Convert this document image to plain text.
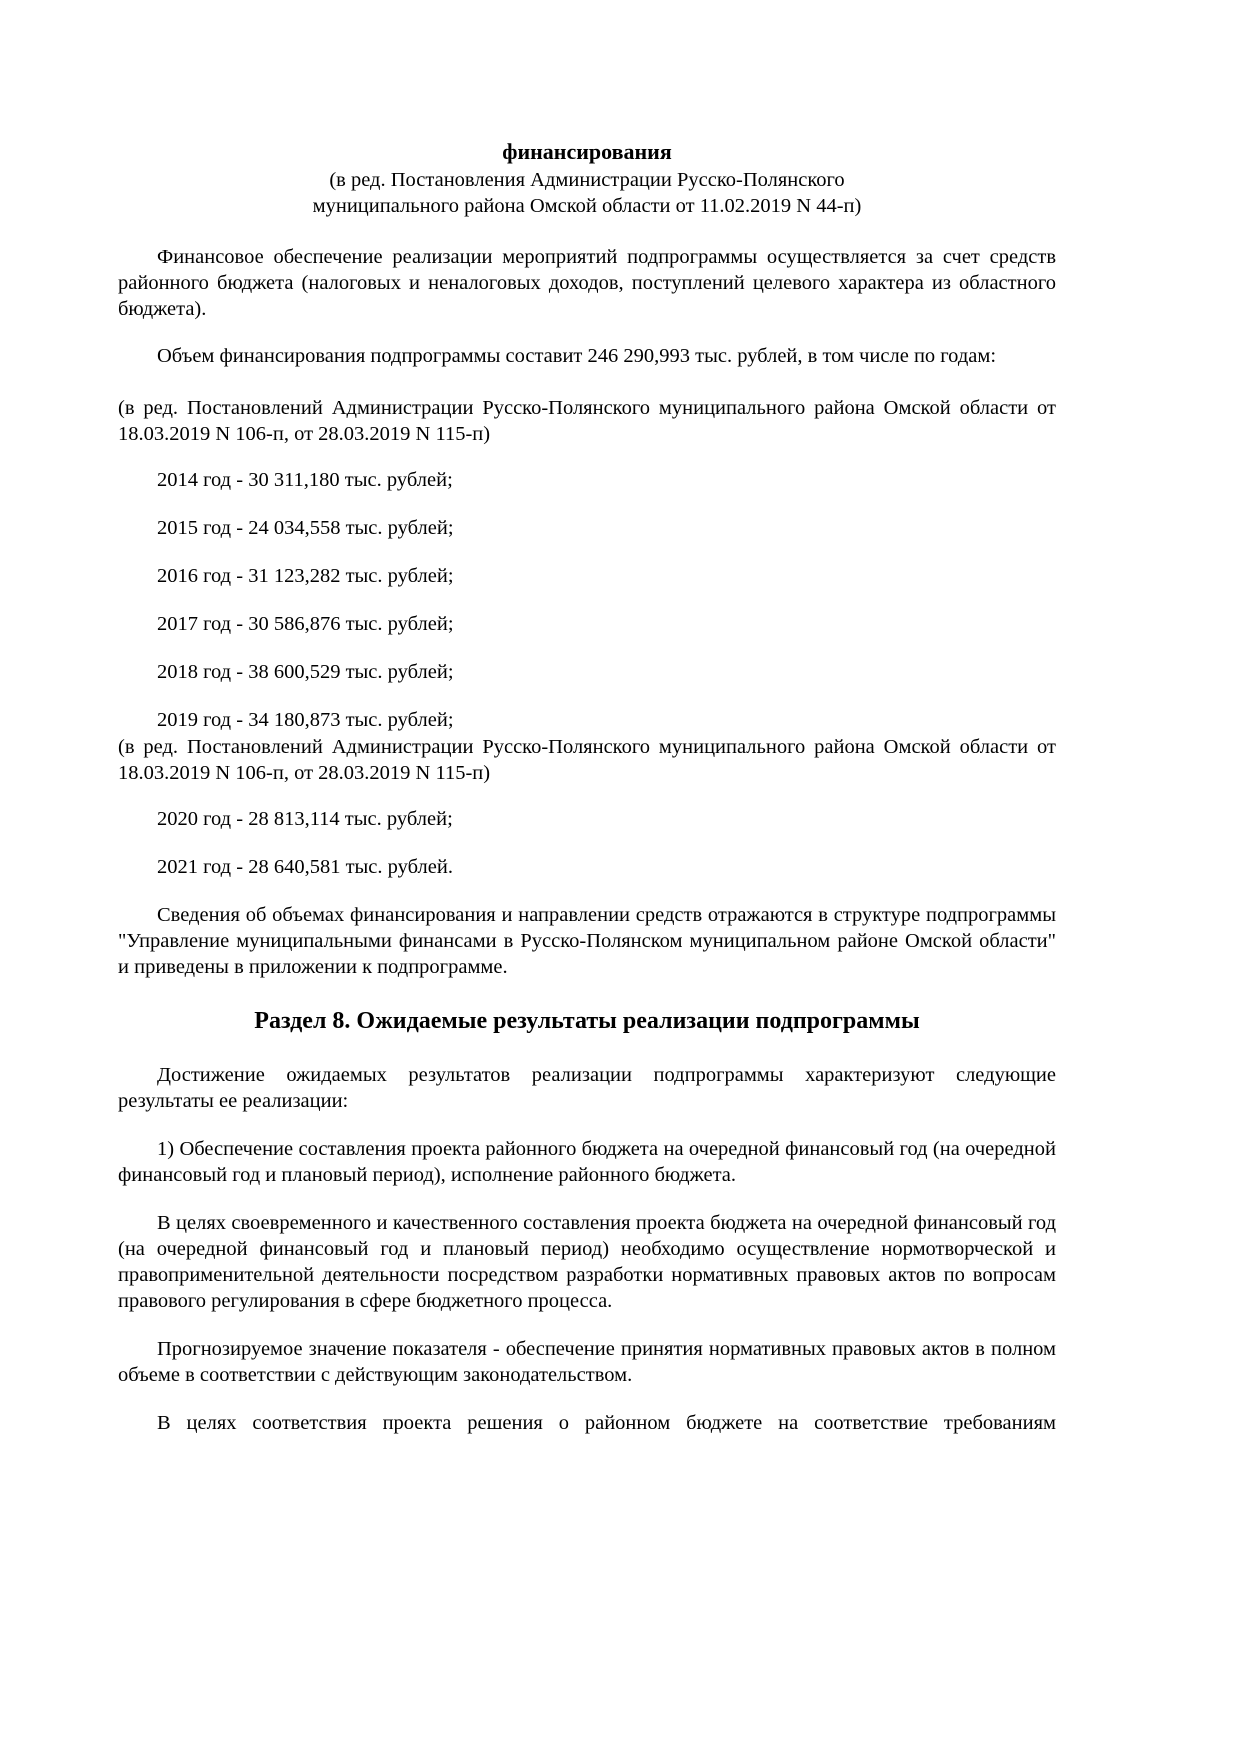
финансирования
(в ред. Постановления Администрации Русско-Полянского
муниципального района Омской области от 11.02.2019 N 44-п)
Финансовое обеспечение реализации мероприятий подпрограммы осуществляется за счет средств районного бюджета (налоговых и неналоговых доходов, поступлений целевого характера из областного бюджета).
Объем финансирования подпрограммы составит 246 290,993 тыс. рублей, в том числе по годам:
(в ред. Постановлений Администрации Русско-Полянского муниципального района Омской области от 18.03.2019 N 106-п, от 28.03.2019 N 115-п)
2014 год - 30 311,180 тыс. рублей;
2015 год - 24 034,558 тыс. рублей;
2016 год - 31 123,282 тыс. рублей;
2017 год - 30 586,876 тыс. рублей;
2018 год - 38 600,529 тыс. рублей;
2019 год - 34 180,873 тыс. рублей;
(в ред. Постановлений Администрации Русско-Полянского муниципального района Омской области от 18.03.2019 N 106-п, от 28.03.2019 N 115-п)
2020 год - 28 813,114 тыс. рублей;
2021 год - 28 640,581 тыс. рублей.
Сведения об объемах финансирования и направлении средств отражаются в структуре подпрограммы "Управление муниципальными финансами в Русско-Полянском муниципальном районе Омской области" и приведены в приложении к подпрограмме.
Раздел 8. Ожидаемые результаты реализации подпрограммы
Достижение ожидаемых результатов реализации подпрограммы характеризуют следующие результаты ее реализации:
1) Обеспечение составления проекта районного бюджета на очередной финансовый год (на очередной финансовый год и плановый период), исполнение районного бюджета.
В целях своевременного и качественного составления проекта бюджета на очередной финансовый год (на очередной финансовый год и плановый период) необходимо осуществление нормотворческой и правоприменительной деятельности посредством разработки нормативных правовых актов по вопросам правового регулирования в сфере бюджетного процесса.
Прогнозируемое значение показателя - обеспечение принятия нормативных правовых актов в полном объеме в соответствии с действующим законодательством.
В целях соответствия проекта решения о районном бюджете на соответствие требованиям
